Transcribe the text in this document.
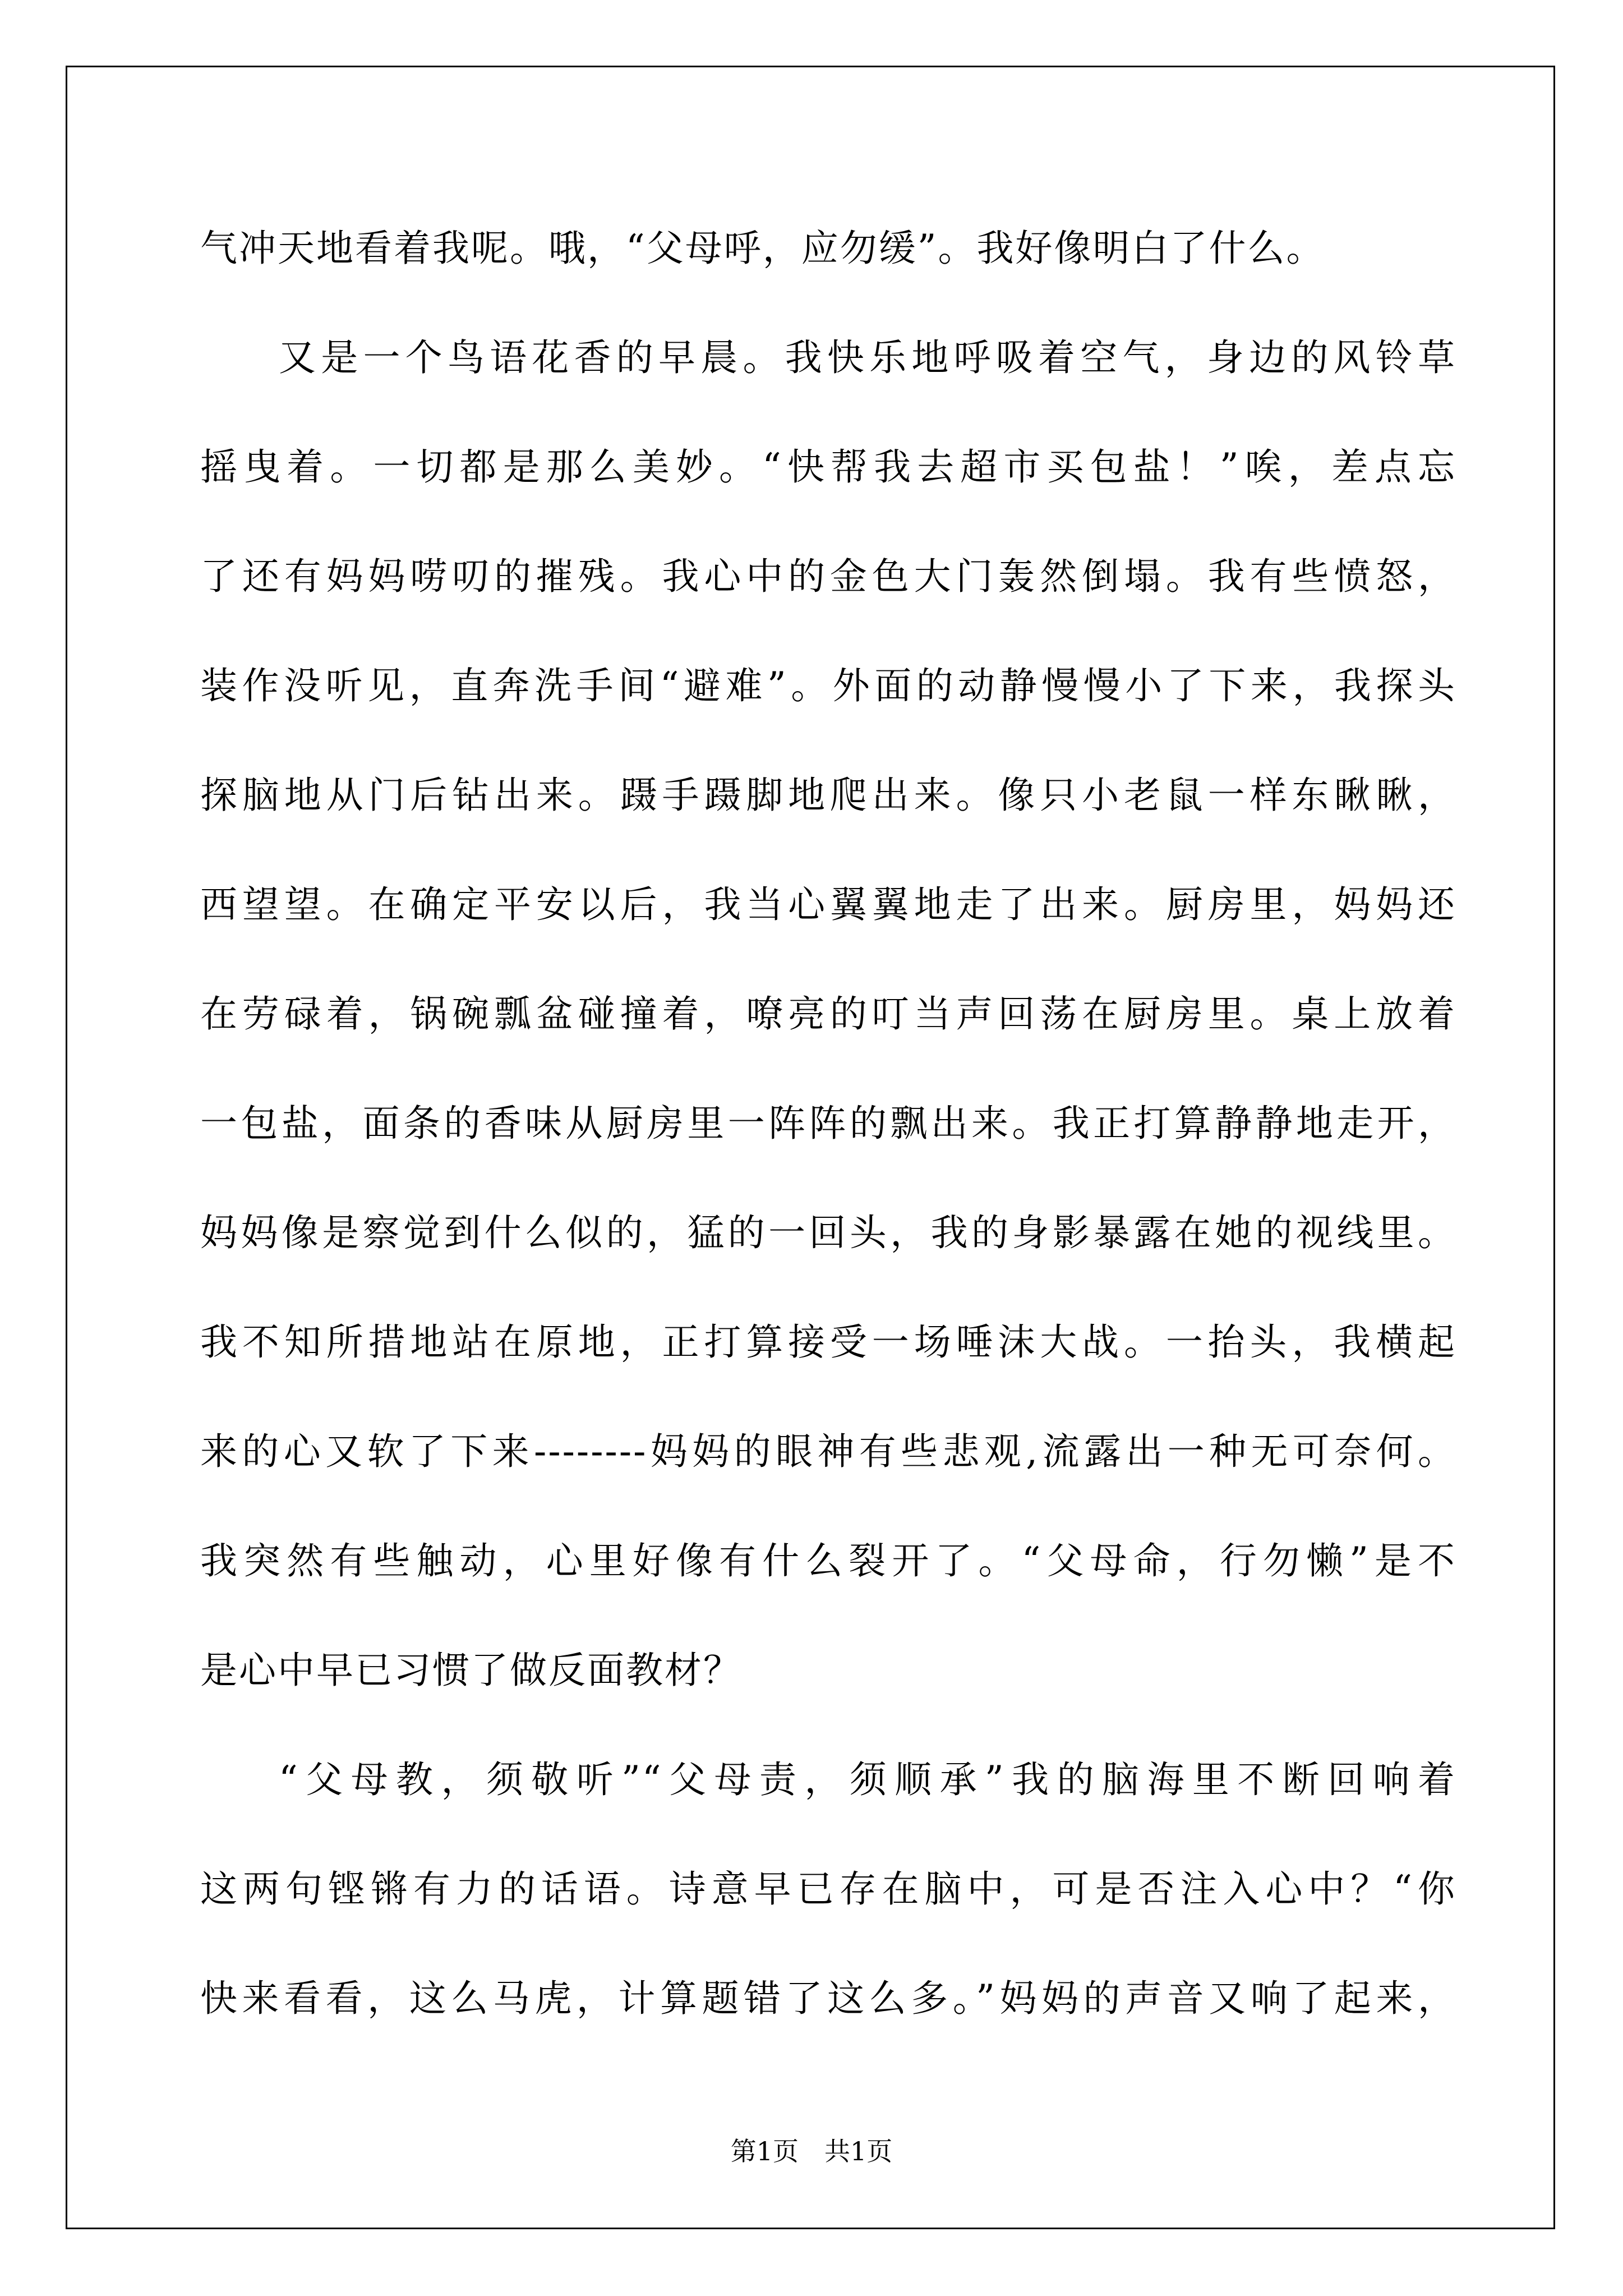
气冲天地看着我呢。哦，“父母呼，应勿缓”。我好像明白了什么。
又是一个鸟语花香的早晨。我快乐地呼吸着空气，身边的风铃草
摇曳着。一切都是那么美妙。“快帮我去超市买包盐！”唉，差点忘
了还有妈妈唠叨的摧残。我心中的金色大门轰然倒塌。我有些愤怒，
装作没听见，直奔洗手间“避难”。外面的动静慢慢小了下来，我探头
探脑地从门后钻出来。蹑手蹑脚地爬出来。像只小老鼠一样东瞅瞅，
西望望。在确定平安以后，我当心翼翼地走了出来。厨房里，妈妈还
在劳碌着，锅碗瓢盆碰撞着，嘹亮的叮当声回荡在厨房里。桌上放着
一包盐，面条的香味从厨房里一阵阵的飘出来。我正打算静静地走开，
妈妈像是察觉到什么似的，猛的一回头，我的身影暴露在她的视线里。
我不知所措地站在原地，正打算接受一场唾沫大战。一抬头，我横起
来的心又软了下来--------妈妈的眼神有些悲观,流露出一种无可奈何。
我突然有些触动，心里好像有什么裂开了。“父母命，行勿懒”是不
是心中早已习惯了做反面教材？
“父母教，须敬听”“父母责，须顺承”我的脑海里不断回响着
这两句铿锵有力的话语。诗意早已存在脑中，可是否注入心中？“你
快来看看，这么马虎，计算题错了这么多。”妈妈的声音又响了起来，
第1页　共1页
